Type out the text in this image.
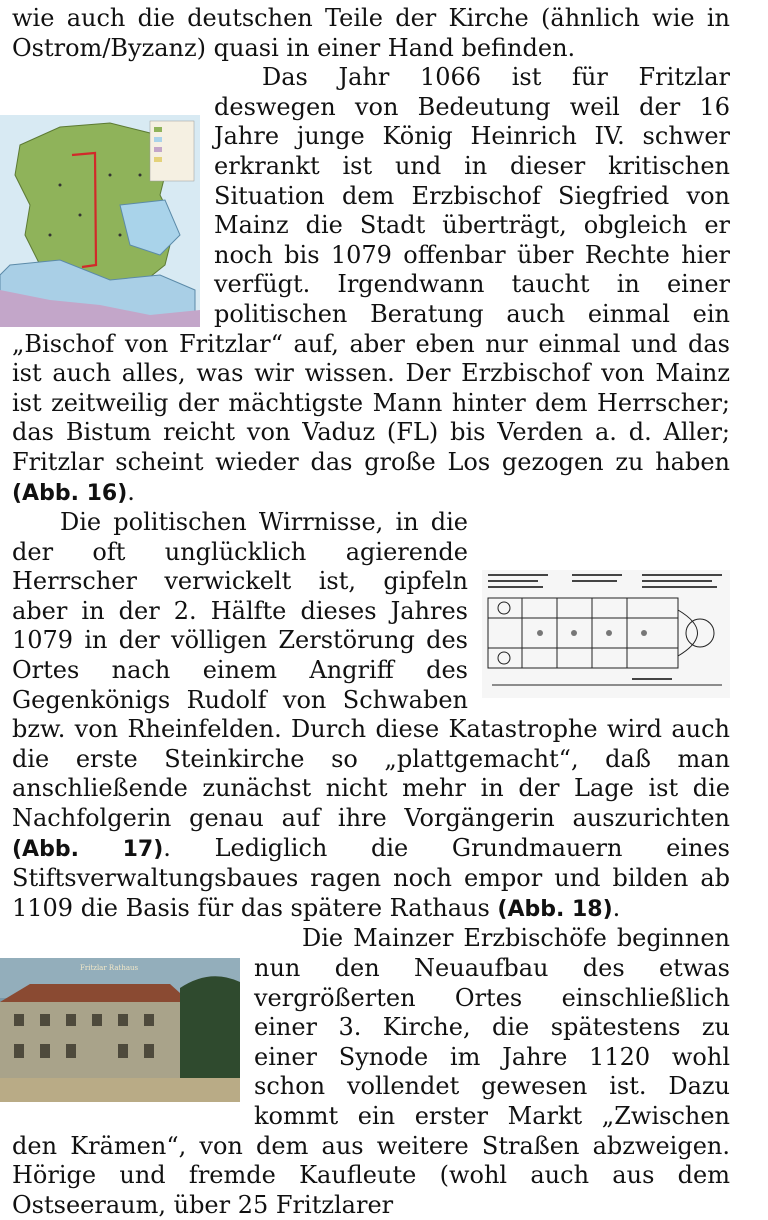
wie auch die deutschen Teile der Kirche (ähnlich wie in Ostrom/Byzanz) quasi in einer Hand befinden.

Das Jahr 1066 ist für Fritzlar deswegen von Bedeutung weil der 16 Jahre junge König Heinrich IV. schwer erkrankt ist und in dieser kritischen Situation dem Erzbischof Siegfried von Mainz die Stadt überträgt, obgleich er noch bis 1079 offenbar über Rechte hier verfügt. Irgendwann taucht in einer politischen Beratung auch einmal ein „Bischof von Fritzlar“ auf, aber eben nur einmal und das ist auch alles, was wir wissen. Der Erzbischof von Mainz ist zeitweilig der mächtigste Mann hinter dem Herrscher; das Bistum reicht von Vaduz (FL) bis Verden a. d. Aller; Fritzlar scheint wieder das große Los gezogen zu haben (Abb. 16).

Die politischen Wirrnisse, in die der oft unglücklich agierende Herrscher verwickelt ist, gipfeln aber in der 2. Hälfte dieses Jahres 1079 in der völligen Zerstörung des Ortes nach einem Angriff des Gegenkönigs Rudolf von Schwaben bzw. von Rheinfelden. Durch diese Katastrophe wird auch die erste Steinkirche so „plattgemacht“, daß man anschließende zunächst nicht mehr in der Lage ist die Nachfolgerin genau auf ihre Vorgängerin auszurichten (Abb. 17). Lediglich die Grundmauern eines Stiftsverwaltungsbaues ragen noch empor und bilden ab 1109 die Basis für das spätere Rathaus (Abb. 18).

Fritzlar Rathaus
Die Mainzer Erzbischöfe beginnen nun den Neuaufbau des etwas vergrößerten Ortes einschließlich einer 3. Kirche, die spätestens zu einer Synode im Jahre 1120 wohl schon vollendet gewesen ist. Dazu kommt ein erster Markt „Zwischen den Krämen“, von dem aus weitere Straßen abzweigen. Hörige und fremde Kaufleute (wohl auch aus dem Ostseeraum, über 25 Fritzlarer
